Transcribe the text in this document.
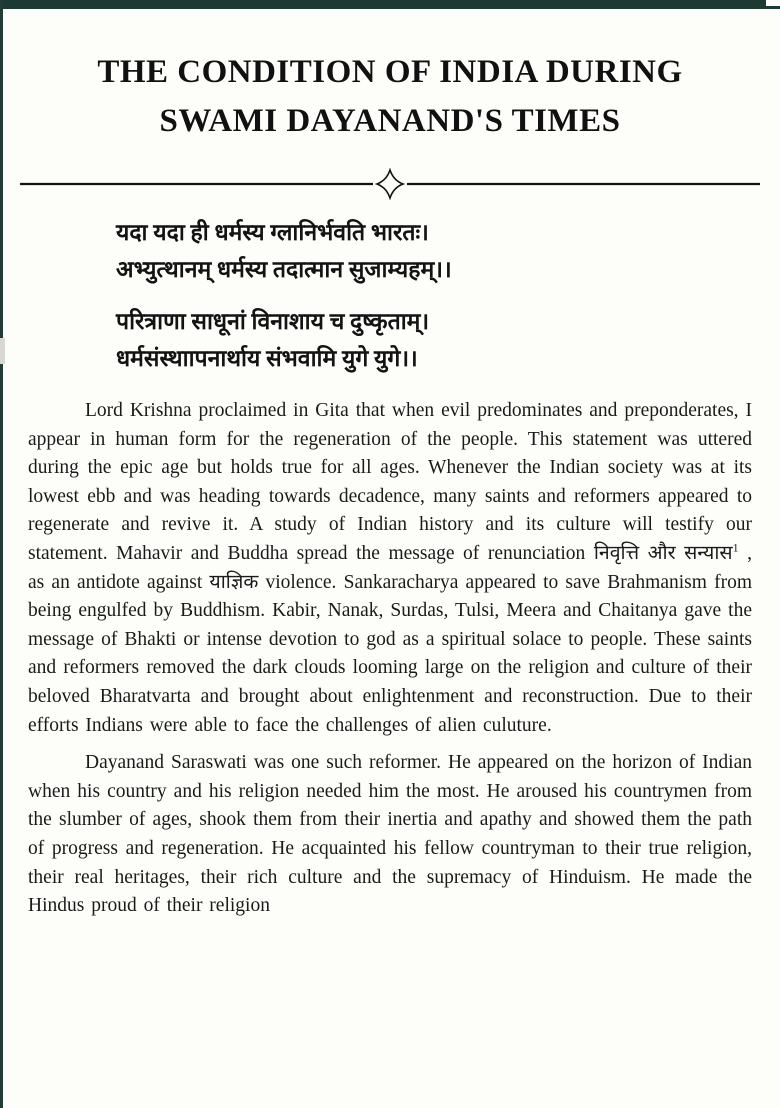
THE CONDITION OF INDIA DURING
SWAMI DAYANAND'S TIMES
यदा यदा ही धर्मस्य ग्लानिर्भवति भारतः।
अभ्युत्थानम् धर्मस्य तदात्मान सुजाम्यहम्।।
परित्राणा साधूनां विनाशाय च दुष्कृताम्।
धर्मसंस्थाापनार्थाय संभवामि युगे युगे।।

Lord Krishna proclaimed in Gita that when evil predominates and preponderates, I appear in human form for the regeneration of the people. This statement was uttered during the epic age but holds true for all ages. Whenever the Indian society was at its lowest ebb and was heading towards decadence, many saints and reformers appeared to regenerate and revive it. A study of Indian history and its culture will testify our statement. Mahavir and Buddha spread the message of renunciation निवृत्ति और सन्यास$^1$ , as an antidote against याज्ञिक violence. Sankaracharya appeared to save Brahmanism from being engulfed by Buddhism. Kabir, Nanak, Surdas, Tulsi, Meera and Chaitanya gave the message of Bhakti or intense devotion to god as a spiritual solace to people. These saints and reformers removed the dark clouds looming large on the religion and culture of their beloved Bharatvarta and brought about enlightenment and reconstruction. Due to their efforts Indians were able to face the challenges of alien culuture.

Dayanand Saraswati was one such reformer. He appeared on the horizon of Indian when his country and his religion needed him the most. He aroused his countrymen from the slumber of ages, shook them from their inertia and apathy and showed them the path of progress and regeneration. He acquainted his fellow countryman to their true religion, their real heritages, their rich culture and the supremacy of Hinduism. He made the Hindus proud of their religion
